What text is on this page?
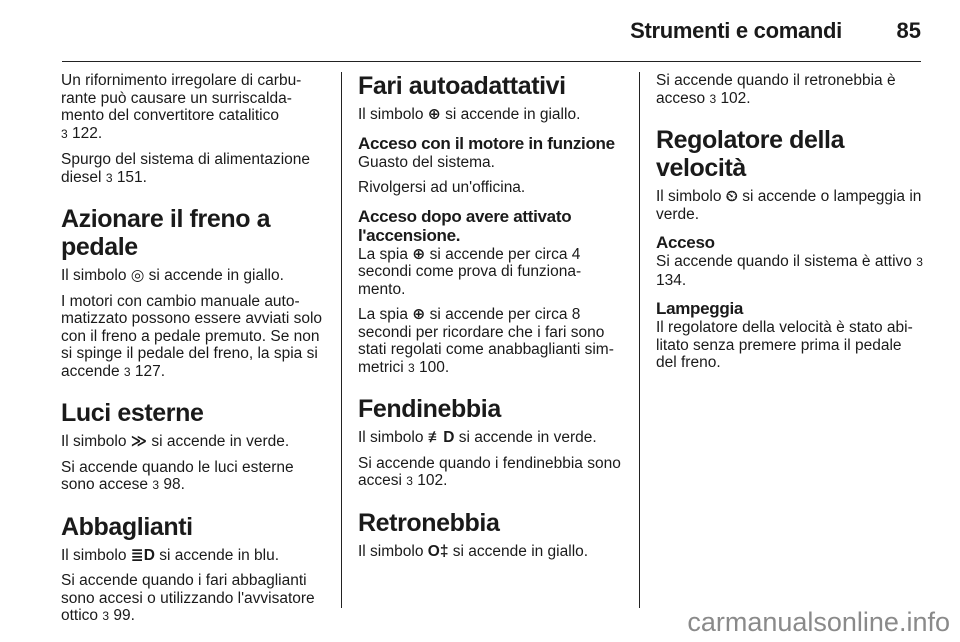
Strumenti e comandi 85

Un rifornimento irregolare di carbu-rante può causare un surriscalda-mento del convertitore catalitico
3 122.

Spurgo del sistema di alimentazione diesel 3 151.

Azionare il freno a pedale

Il simbolo ◎ si accende in giallo.

I motori con cambio manuale auto-matizzato possono essere avviati solo con il freno a pedale premuto. Se non si spinge il pedale del freno, la spia si accende 3 127.

Luci esterne

Il simbolo ≫ si accende in verde.

Si accende quando le luci esterne sono accese 3 98.

Abbaglianti

Il simbolo ≣D si accende in blu.

Si accende quando i fari abbaglianti sono accesi o utilizzando l'avvisatore ottico 3 99.

Fari autoadattativi

Il simbolo ⊕ si accende in giallo.

Acceso con il motore in funzione

Guasto del sistema.

Rivolgersi ad un'officina.

Acceso dopo avere attivato l'accensione.

La spia ⊕ si accende per circa 4 secondi come prova di funziona-mento.

La spia ⊕ si accende per circa 8 secondi per ricordare che i fari sono stati regolati come anabbaglianti sim-metrici 3 100.

Fendinebbia

Il simbolo ≢D si accende in verde.

Si accende quando i fendinebbia sono accesi 3 102.

Retronebbia

Il simbolo O‡ si accende in giallo.

Si accende quando il retronebbia è acceso 3 102.

Regolatore della velocità

Il simbolo ⏲ si accende o lampeggia in verde.

Acceso

Si accende quando il sistema è attivo 3 134.

Lampeggia

Il regolatore della velocità è stato abi-litato senza premere prima il pedale del freno.

carmanualsonline.info
